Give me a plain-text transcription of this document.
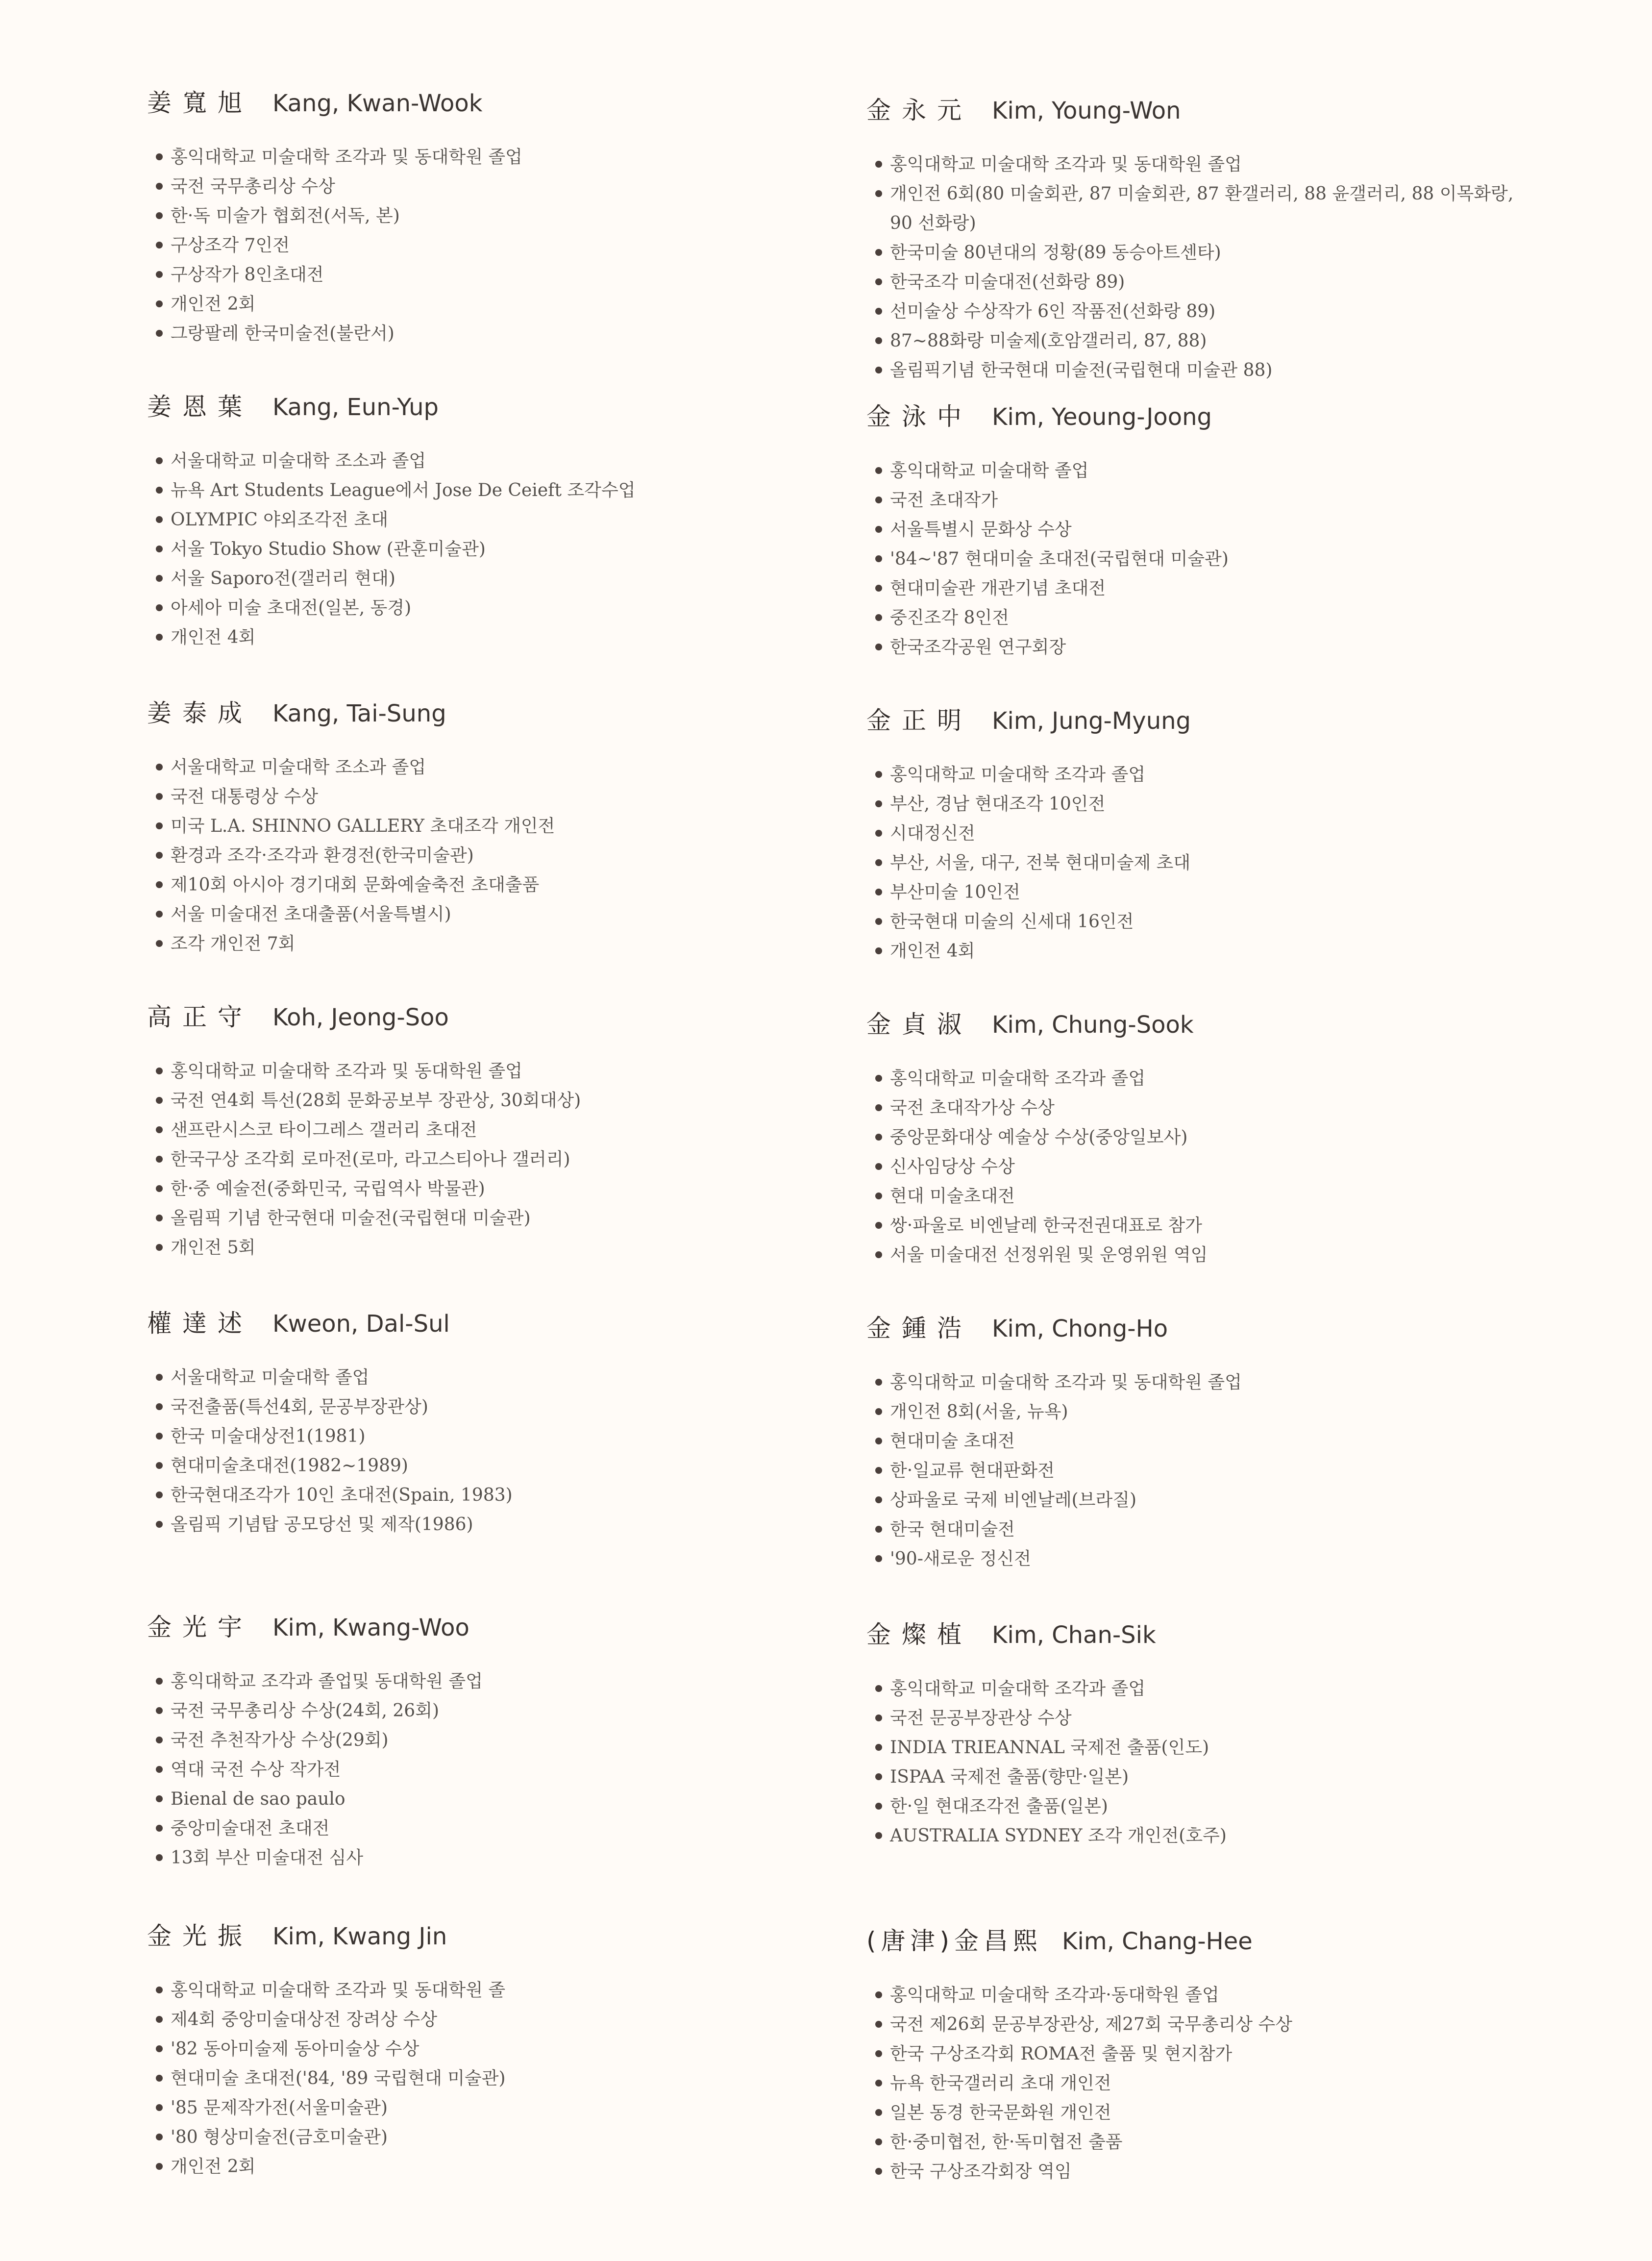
姜寬旭 Kang, Kwan-Wook
홍익대학교 미술대학 조각과 및 동대학원 졸업
국전 국무총리상 수상
한·독 미술가 협회전(서독, 본)
구상조각 7인전
구상작가 8인초대전
개인전 2회
그랑팔레 한국미술전(불란서)
姜恩葉 Kang, Eun-Yup
서울대학교 미술대학 조소과 졸업
뉴욕 Art Students League에서 Jose De Ceieft 조각수업
OLYMPIC 야외조각전 초대
서울 Tokyo Studio Show (관훈미술관)
서울 Saporo전(갤러리 현대)
아세아 미술 초대전(일본, 동경)
개인전 4회
姜泰成 Kang, Tai-Sung
서울대학교 미술대학 조소과 졸업
국전 대통령상 수상
미국 L.A. SHINNO GALLERY 초대조각 개인전
환경과 조각·조각과 환경전(한국미술관)
제10회 아시아 경기대회 문화예술축전 초대출품
서울 미술대전 초대출품(서울특별시)
조각 개인전 7회
高正守 Koh, Jeong-Soo
홍익대학교 미술대학 조각과 및 동대학원 졸업
국전 연4회 특선(28회 문화공보부 장관상, 30회대상)
샌프란시스코 타이그레스 갤러리 초대전
한국구상 조각회 로마전(로마, 라고스티아나 갤러리)
한·중 예술전(중화민국, 국립역사 박물관)
올림픽 기념 한국현대 미술전(국립현대 미술관)
개인전 5회
權達述 Kweon, Dal-Sul
서울대학교 미술대학 졸업
국전출품(특선4회, 문공부장관상)
한국 미술대상전1(1981)
현대미술초대전(1982~1989)
한국현대조각가 10인 초대전(Spain, 1983)
올림픽 기념탑 공모당선 및 제작(1986)
金光宇 Kim, Kwang-Woo
홍익대학교 조각과 졸업및 동대학원 졸업
국전 국무총리상 수상(24회, 26회)
국전 추천작가상 수상(29회)
역대 국전 수상 작가전
Bienal de sao paulo
중앙미술대전 초대전
13회 부산 미술대전 심사
金光振 Kim, Kwang Jin
홍익대학교 미술대학 조각과 및 동대학원 졸
제4회 중앙미술대상전 장려상 수상
'82 동아미술제 동아미술상 수상
현대미술 초대전('84, '89 국립현대 미술관)
'85 문제작가전(서울미술관)
'80 형상미술전(금호미술관)
개인전 2회
金永元 Kim, Young-Won
홍익대학교 미술대학 조각과 및 동대학원 졸업
개인전 6회(80 미술회관, 87 미술회관, 87 환갤러리, 88 윤갤러리, 88 이목화랑, 90 선화랑)
한국미술 80년대의 정황(89 동승아트센타)
한국조각 미술대전(선화랑 89)
선미술상 수상작가 6인 작품전(선화랑 89)
87~88화랑 미술제(호암갤러리, 87, 88)
올림픽기념 한국현대 미술전(국립현대 미술관 88)
金泳中 Kim, Yeoung-Joong
홍익대학교 미술대학 졸업
국전 초대작가
서울특별시 문화상 수상
'84~'87 현대미술 초대전(국립현대 미술관)
현대미술관 개관기념 초대전
중진조각 8인전
한국조각공원 연구회장
金正明 Kim, Jung-Myung
홍익대학교 미술대학 조각과 졸업
부산, 경남 현대조각 10인전
시대정신전
부산, 서울, 대구, 전북 현대미술제 초대
부산미술 10인전
한국현대 미술의 신세대 16인전
개인전 4회
金貞淑 Kim, Chung-Sook
홍익대학교 미술대학 조각과 졸업
국전 초대작가상 수상
중앙문화대상 예술상 수상(중앙일보사)
신사임당상 수상
현대 미술초대전
쌍·파울로 비엔날레 한국전권대표로 참가
서울 미술대전 선정위원 및 운영위원 역임
金鍾浩 Kim, Chong-Ho
홍익대학교 미술대학 조각과 및 동대학원 졸업
개인전 8회(서울, 뉴욕)
현대미술 초대전
한·일교류 현대판화전
상파울로 국제 비엔날레(브라질)
한국 현대미술전
'90-새로운 정신전
金燦植 Kim, Chan-Sik
홍익대학교 미술대학 조각과 졸업
국전 문공부장관상 수상
INDIA TRIEANNAL 국제전 출품(인도)
ISPAA 국제전 출품(향만·일본)
한·일 현대조각전 출품(일본)
AUSTRALIA SYDNEY 조각 개인전(호주)
(唐津)金昌熙 Kim, Chang-Hee
홍익대학교 미술대학 조각과·동대학원 졸업
국전 제26회 문공부장관상, 제27회 국무총리상 수상
한국 구상조각회 ROMA전 출품 및 현지참가
뉴욕 한국갤러리 초대 개인전
일본 동경 한국문화원 개인전
한·중미협전, 한·독미협전 출품
한국 구상조각회장 역임
